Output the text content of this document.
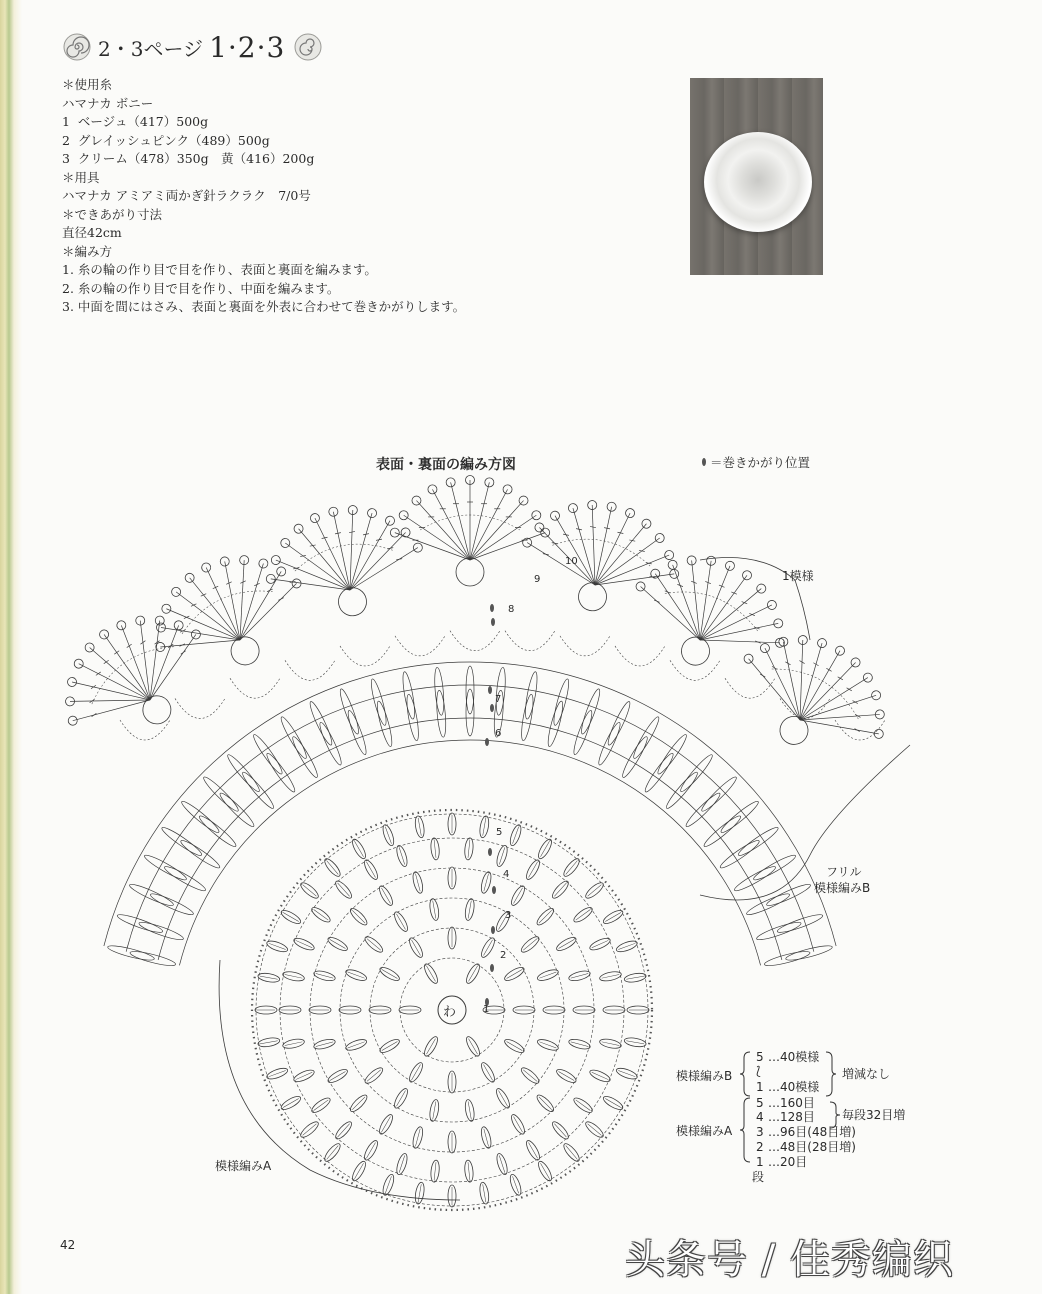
2・3ページ 1·2·3
＊使用糸
ハマナカ ボニー
1  ベージュ（417）500g
2  グレイッシュピンク（489）500g
3  クリーム（478）350g　黄（416）200g
＊用具
ハマナカ アミアミ両かぎ針ラクラク　7/0号
＊できあがり寸法
直径42cm
＊編み方
1. 糸の輪の作り目で目を作り、表面と裏面を編みます。
2. 糸の輪の作り目で目を作り、中面を編みます。
3. 中面を間にはさみ、表面と裏面を外表に合わせて巻きかがりします。
表面・裏面の編み方図	＝巻きかがり位置
1模様
フリル
模様編みB
模様編みA
わ	1
2
3
4
5
6
7
8
9
10
模様編みB
5 …40模様
⟅
1 …40模様
増減なし
模様編みA
5 …160目
4 …128目
3 …96目(48目増)
2 …48目(28目増)
1 …20目
段
毎段32目増
42	头条号 / 佳秀编织
